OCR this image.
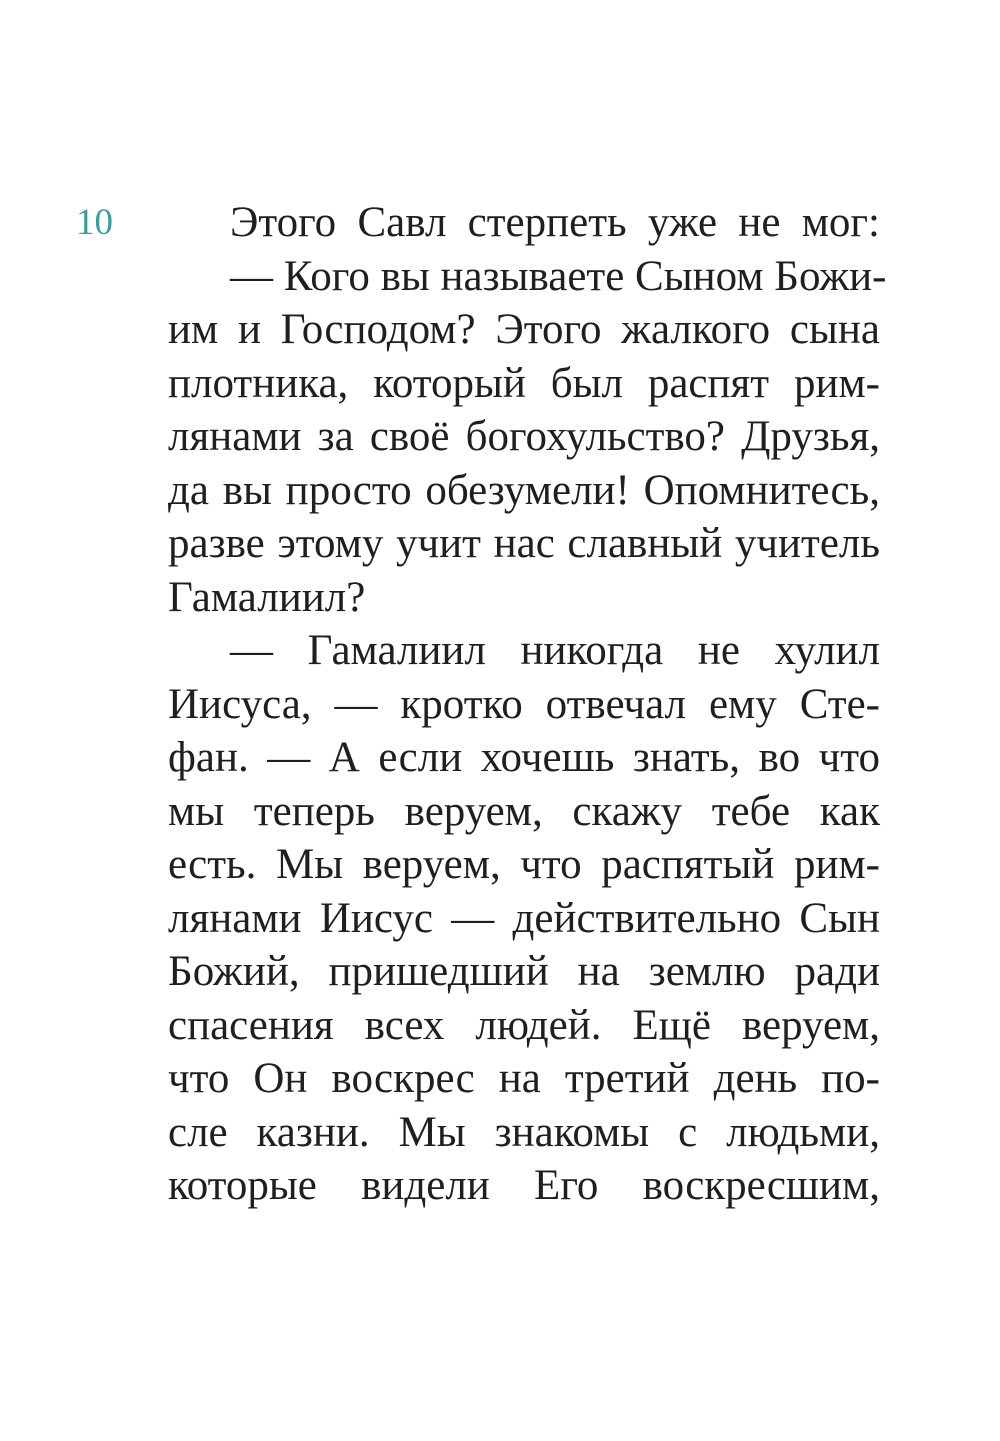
10	Этого Савл стерпеть уже не мог:
— Кого вы называете Сыном Божи-
им и Господом? Этого жалкого сына
плотника, который был распят рим-
лянами за своё богохульство? Друзья,
да вы просто обезумели! Опомнитесь,
разве этому учит нас славный учитель
Гамалиил?
— Гамалиил никогда не хулил
Иисуса, — кротко отвечал ему Сте-
фан. — А если хочешь знать, во что
мы теперь веруем, скажу тебе как
есть. Мы веруем, что распятый рим-
лянами Иисус — действительно Сын
Божий, пришедший на землю ради
спасения всех людей. Ещё веруем,
что Он воскрес на третий день по-
сле казни. Мы знакомы с людьми,
которые видели Его воскресшим,
